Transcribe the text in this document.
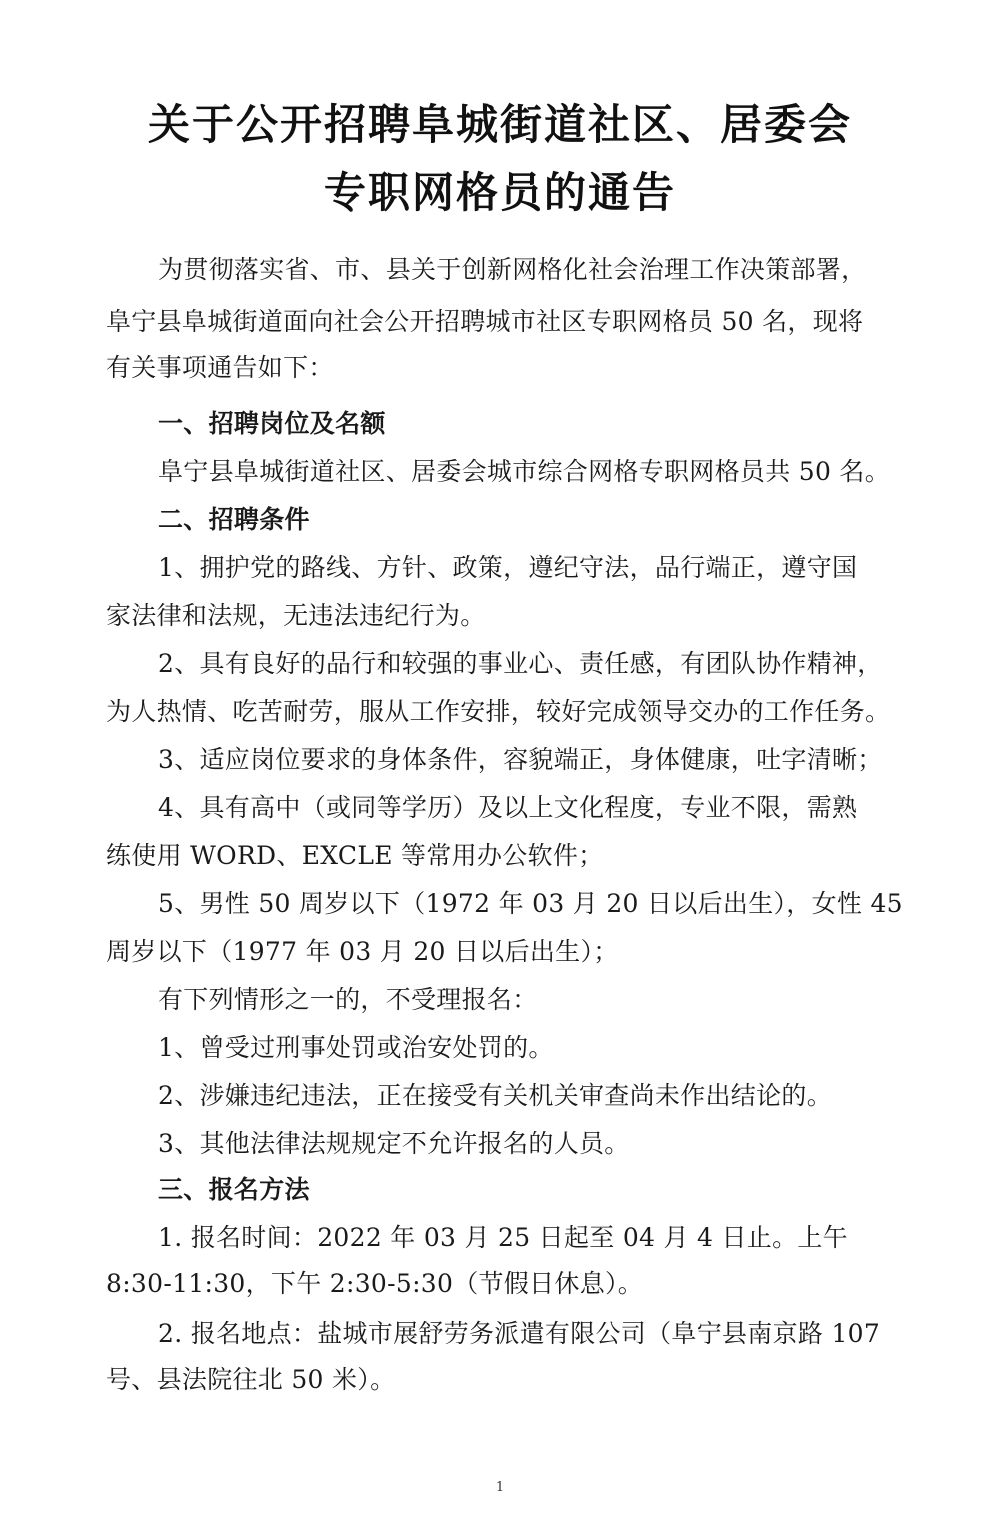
关于公开招聘阜城街道社区、居委会
专职网格员的通告
为贯彻落实省、市、县关于创新网格化社会治理工作决策部署，
阜宁县阜城街道面向社会公开招聘城市社区专职网格员 50 名，现将
有关事项通告如下：
一、招聘岗位及名额
阜宁县阜城街道社区、居委会城市综合网格专职网格员共 50 名。
二、招聘条件
1、拥护党的路线、方针、政策，遵纪守法，品行端正，遵守国
家法律和法规，无违法违纪行为。
2、具有良好的品行和较强的事业心、责任感，有团队协作精神，
为人热情、吃苦耐劳，服从工作安排，较好完成领导交办的工作任务。
3、适应岗位要求的身体条件，容貌端正，身体健康，吐字清晰；
4、具有高中（或同等学历）及以上文化程度，专业不限，需熟
练使用 WORD、EXCLE 等常用办公软件；
5、男性 50 周岁以下（1972 年 03 月 20 日以后出生），女性 45
周岁以下（1977 年 03 月 20 日以后出生）；
有下列情形之一的，不受理报名：
1、曾受过刑事处罚或治安处罚的。
2、涉嫌违纪违法，正在接受有关机关审查尚未作出结论的。
3、其他法律法规规定不允许报名的人员。
三、报名方法
1. 报名时间：2022 年 03 月 25 日起至 04 月 4 日止。上午
8:30-11:30，下午 2:30-5:30（节假日休息）。
2. 报名地点：盐城市展舒劳务派遣有限公司（阜宁县南京路 107
号、县法院往北 50 米）。
1
